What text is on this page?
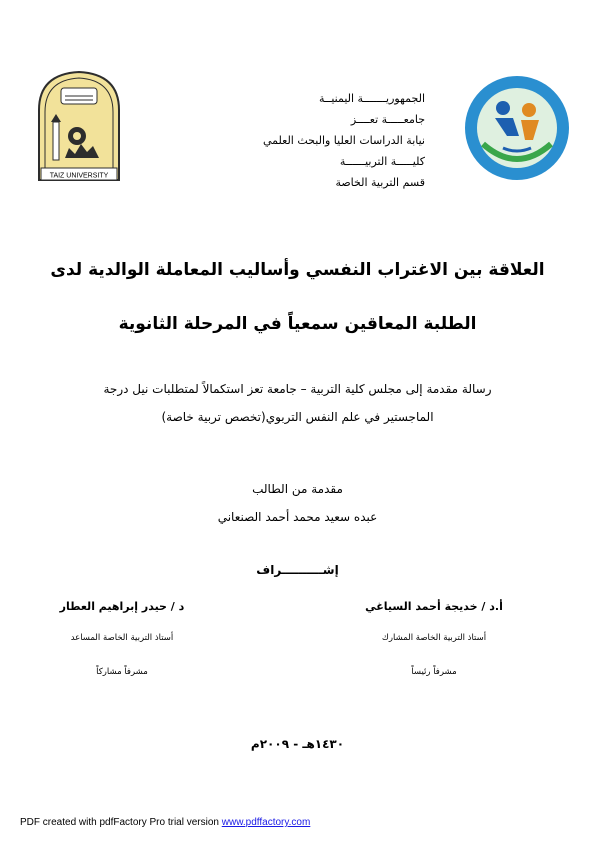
TAIZ UNIVERSITY
الجمهوريـــــــة اليمنيــة
جامعـــــة تعــــز
نيابة الدراسات العليا والبحث العلمي
كليـــــة التربيــــــة
قسم التربية الخاصة
العلاقة بين الاغتراب النفسي وأساليب المعاملة الوالدية لدى
الطلبة المعاقين سمعياً في المرحلة الثانوية
رسالة مقدمة إلى مجلس كلية التربية – جامعة تعز استكمالاً لمتطلبات نيل درجة
الماجستير في علم النفس التربوي(تخصص تربية خاصة)
مقدمة من الطالب
عبده سعيد محمد أحمد الصنعاني
إشــــــــــراف
أ.د / خديجة أحمد السياغي
أستاذ التربية الخاصة المشارك
مشرفاً رئيساً
د / حيدر إبراهيم العطار
أستاذ التربية الخاصة المساعد
مشرفاً مشاركاً
١٤٣٠هـ - ٢٠٠٩م
PDF created with pdfFactory Pro trial version www.pdffactory.com
